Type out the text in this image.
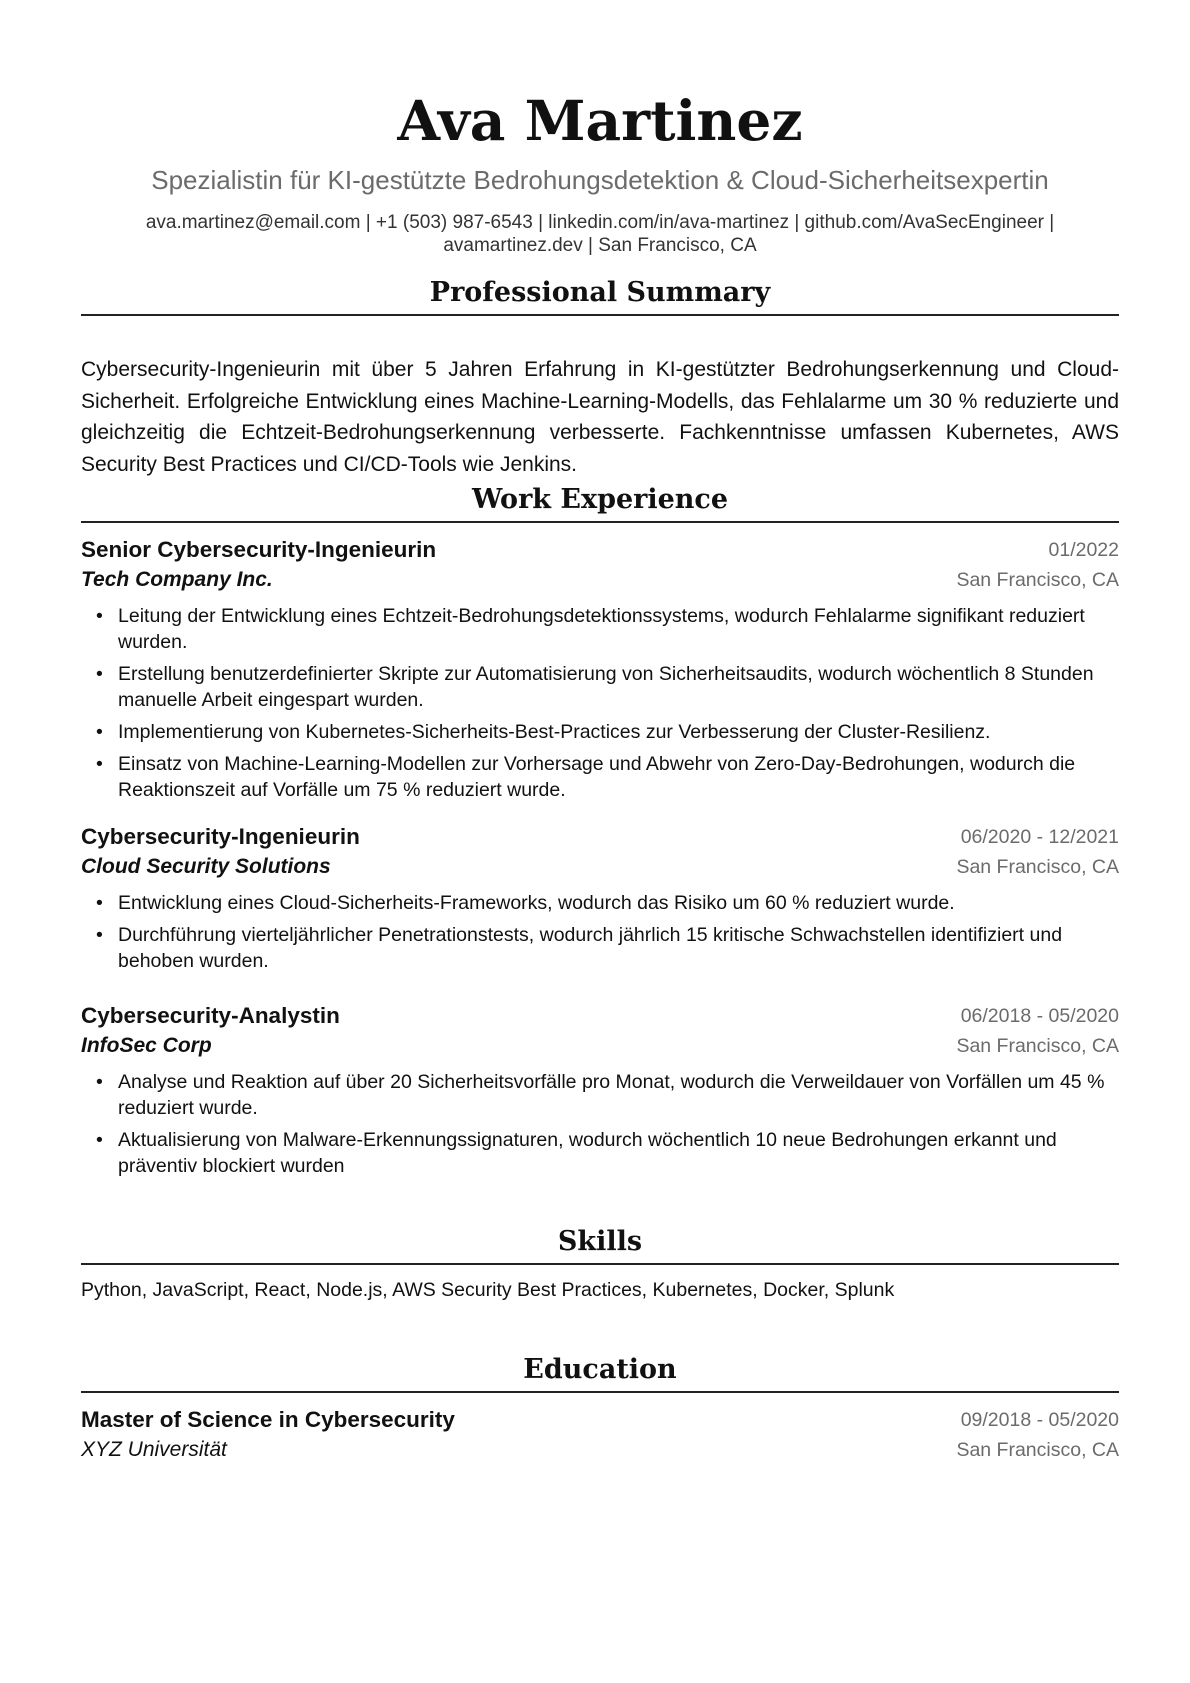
Ava Martinez
Spezialistin für KI-gestützte Bedrohungsdetektion & Cloud-Sicherheitsexpertin
ava.martinez@email.com | +1 (503) 987-6543 | linkedin.com/in/ava-martinez | github.com/AvaSecEngineer |
avamartinez.dev | San Francisco, CA
Professional Summary
Cybersecurity-Ingenieurin mit über 5 Jahren Erfahrung in KI-gestützter Bedrohungserkennung und Cloud-Sicherheit. Erfolgreiche Entwicklung eines Machine-Learning-Modells, das Fehlalarme um 30 % reduzierte und gleichzeitig die Echtzeit-Bedrohungserkennung verbesserte. Fachkenntnisse umfassen Kubernetes, AWS Security Best Practices und CI/CD-Tools wie Jenkins.
Work Experience
Senior Cybersecurity-Ingenieurin	01/2022
Tech Company Inc.	San Francisco, CA
• Leitung der Entwicklung eines Echtzeit-Bedrohungsdetektionssystems, wodurch Fehlalarme signifikant reduziert wurden.
• Erstellung benutzerdefinierter Skripte zur Automatisierung von Sicherheitsaudits, wodurch wöchentlich 8 Stunden manuelle Arbeit eingespart wurden.
• Implementierung von Kubernetes-Sicherheits-Best-Practices zur Verbesserung der Cluster-Resilienz.
• Einsatz von Machine-Learning-Modellen zur Vorhersage und Abwehr von Zero-Day-Bedrohungen, wodurch die Reaktionszeit auf Vorfälle um 75 % reduziert wurde.
Cybersecurity-Ingenieurin	06/2020 - 12/2021
Cloud Security Solutions	San Francisco, CA
• Entwicklung eines Cloud-Sicherheits-Frameworks, wodurch das Risiko um 60 % reduziert wurde.
• Durchführung vierteljährlicher Penetrationstests, wodurch jährlich 15 kritische Schwachstellen identifiziert und behoben wurden.
Cybersecurity-Analystin	06/2018 - 05/2020
InfoSec Corp	San Francisco, CA
• Analyse und Reaktion auf über 20 Sicherheitsvorfälle pro Monat, wodurch die Verweildauer von Vorfällen um 45 % reduziert wurde.
• Aktualisierung von Malware-Erkennungssignaturen, wodurch wöchentlich 10 neue Bedrohungen erkannt und präventiv blockiert wurden
Skills
Python, JavaScript, React, Node.js, AWS Security Best Practices, Kubernetes, Docker, Splunk
Education
Master of Science in Cybersecurity	09/2018 - 05/2020
XYZ Universität	San Francisco, CA
